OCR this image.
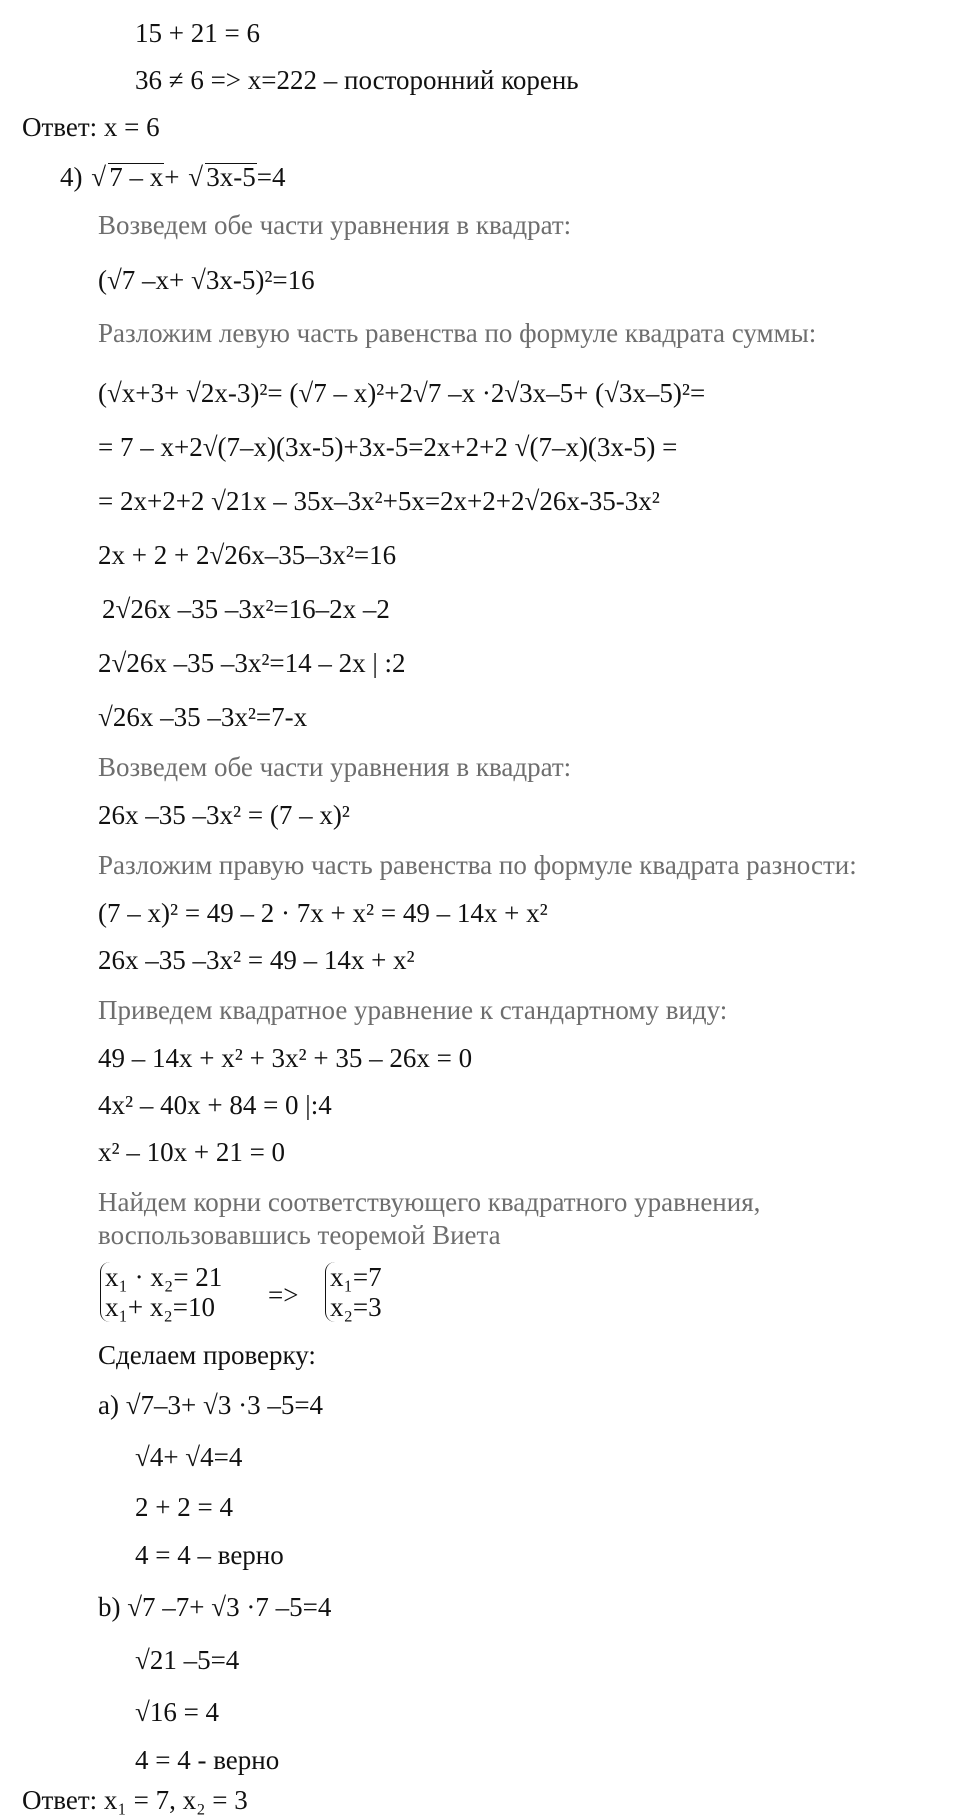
15 + 21 = 6
36 ≠ 6 => x=222 – посторонний корень
Ответ: x = 6
4) √ 7 – x+ √ 3x-5=4
Возведем обе части уравнения в квадрат:
(√7 –x+ √3x-5)²=16
Разложим левую часть равенства по формуле квадрата суммы:
(√x+3+ √2x-3)²= (√7 – x)²+2√7 –x ·2√3x–5+ (√3x–5)²=
= 7 – x+2√(7–x)(3x-5)+3x-5=2x+2+2 √(7–x)(3x-5) =
= 2x+2+2 √21x – 35x–3x²+5x=2x+2+2√26x-35-3x²
2x + 2 + 2√26x–35–3x²=16
2√26x –35 –3x²=16–2x –2
2√26x –35 –3x²=14 – 2x | :2
√26x –35 –3x²=7-x
Возведем обе части уравнения в квадрат:
26x –35 –3x² = (7 – x)²
Разложим правую часть равенства по формуле квадрата разности:
(7 – x)² = 49 – 2 · 7x + x² = 49 – 14x + x²
26x –35 –3x² = 49 – 14x + x²
Приведем квадратное уравнение к стандартному виду:
49 – 14x + x² + 3x² + 35 – 26x = 0
4x² – 40x + 84 = 0 |:4
x² – 10x + 21 = 0
Найдем корни соответствующего квадратного уравнения,
воспользовавшись теоремой Виета
x₁ · x₂= 21
x₁+ x₂=10 =>
x₁=7
x₂=3
Сделаем проверку:
a) √7–3+ √3 ·3 –5=4
√4+ √4=4
2 + 2 = 4
4 = 4 – верно
b) √7 –7+ √3 ·7 –5=4
√21 –5=4
√16 = 4
4 = 4 - верно
Ответ: x₁ = 7, x₂ = 3
